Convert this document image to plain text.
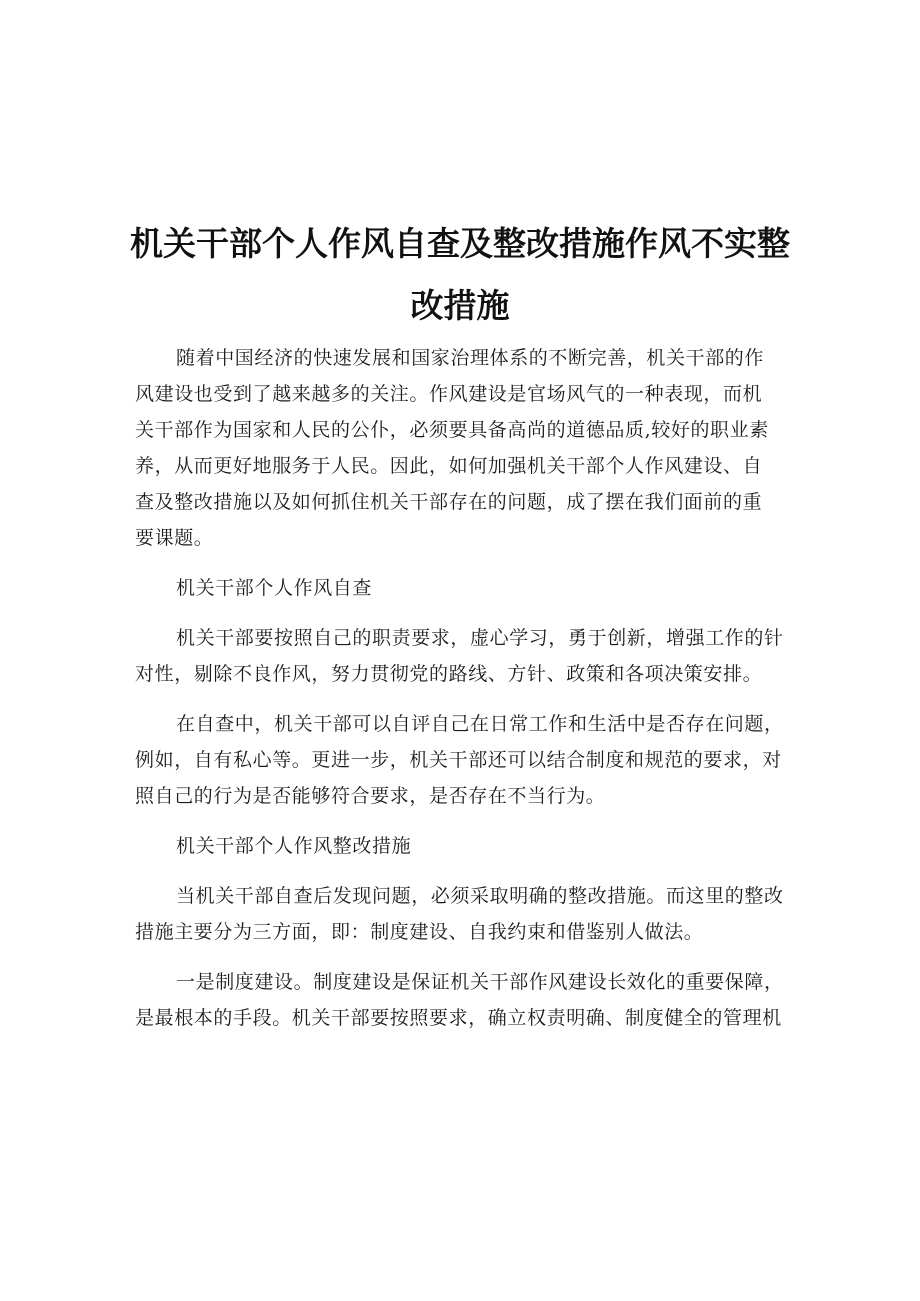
机关干部个人作风自查及整改措施作风不实整
改措施

随着中国经济的快速发展和国家治理体系的不断完善，机关干部的作

风建设也受到了越来越多的关注。作风建设是官场风气的一种表现，而机

关干部作为国家和人民的公仆，必须要具备高尚的道德品质,较好的职业素

养，从而更好地服务于人民。因此，如何加强机关干部个人作风建设、自

查及整改措施以及如何抓住机关干部存在的问题，成了摆在我们面前的重

要课题。

机关干部个人作风自查

机关干部要按照自己的职责要求，虚心学习，勇于创新，增强工作的针

对性，剔除不良作风，努力贯彻党的路线、方针、政策和各项决策安排。

在自查中，机关干部可以自评自己在日常工作和生活中是否存在问题，

例如，自有私心等。更进一步，机关干部还可以结合制度和规范的要求，对

照自己的行为是否能够符合要求，是否存在不当行为。

机关干部个人作风整改措施

当机关干部自查后发现问题，必须采取明确的整改措施。而这里的整改

措施主要分为三方面，即：制度建设、自我约束和借鉴别人做法。

一是制度建设。制度建设是保证机关干部作风建设长效化的重要保障，

是最根本的手段。机关干部要按照要求，确立权责明确、制度健全的管理机
